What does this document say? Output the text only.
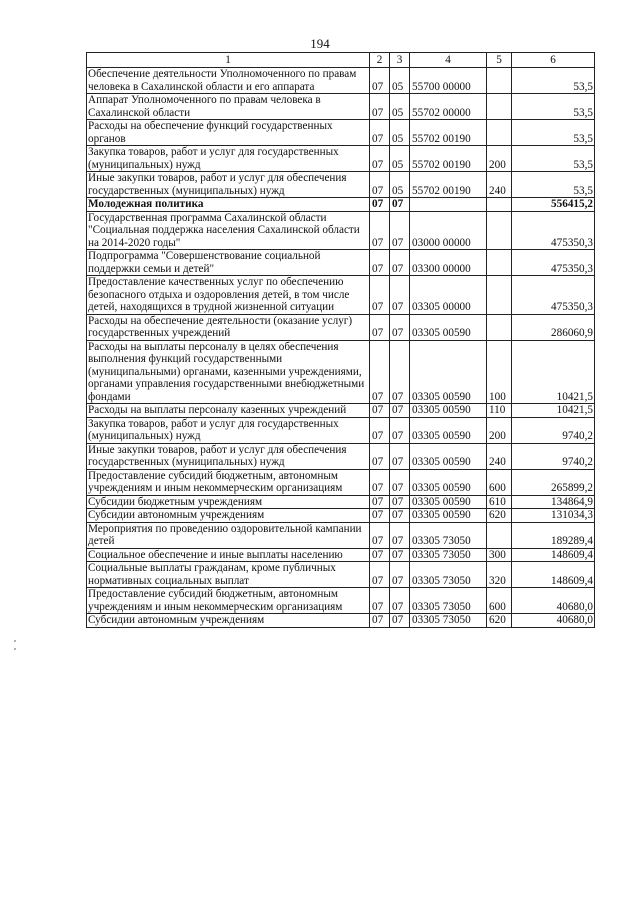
194
1	2	3	4	5	6
Обеспечение деятельности Уполномоченного по правам человека в Сахалинской области и его аппарата	07	05	55700 00000		53,5
Аппарат Уполномоченного по правам человека в Сахалинской области	07	05	55702 00000		53,5
Расходы на обеспечение функций государственных органов	07	05	55702 00190		53,5
Закупка товаров, работ и услуг для государственных (муниципальных) нужд	07	05	55702 00190	200	53,5
Иные закупки товаров, работ и услуг для обеспечения государственных (муниципальных) нужд	07	05	55702 00190	240	53,5
Молодежная политика	07	07			556415,2
Государственная программа Сахалинской области "Социальная поддержка населения Сахалинской области на 2014-2020 годы"	07	07	03000 00000		475350,3
Подпрограмма "Совершенствование социальной поддержки семьи и детей"	07	07	03300 00000		475350,3
Предоставление качественных услуг по обеспечению безопасного отдыха и оздоровления детей, в том числе детей, находящихся в трудной жизненной ситуации	07	07	03305 00000		475350,3
Расходы на обеспечение деятельности (оказание услуг) государственных учреждений	07	07	03305 00590		286060,9
Расходы на выплаты персоналу в целях обеспечения выполнения функций государственными (муниципальными) органами, казенными учреждениями, органами управления государственными внебюджетными фондами	07	07	03305 00590	100	10421,5
Расходы на выплаты персоналу казенных учреждений	07	07	03305 00590	110	10421,5
Закупка товаров, работ и услуг для государственных (муниципальных) нужд	07	07	03305 00590	200	9740,2
Иные закупки товаров, работ и услуг для обеспечения государственных (муниципальных) нужд	07	07	03305 00590	240	9740,2
Предоставление субсидий бюджетным, автономным учреждениям и иным некоммерческим организациям	07	07	03305 00590	600	265899,2
Субсидии бюджетным учреждениям	07	07	03305 00590	610	134864,9
Субсидии автономным учреждениям	07	07	03305 00590	620	131034,3
Мероприятия по проведению оздоровительной кампании детей	07	07	03305 73050		189289,4
Социальное обеспечение и иные выплаты населению	07	07	03305 73050	300	148609,4
Социальные выплаты гражданам, кроме публичных нормативных социальных выплат	07	07	03305 73050	320	148609,4
Предоставление субсидий бюджетным, автономным учреждениям и иным некоммерческим организациям	07	07	03305 73050	600	40680,0
Субсидии автономным учреждениям	07	07	03305 73050	620	40680,0
